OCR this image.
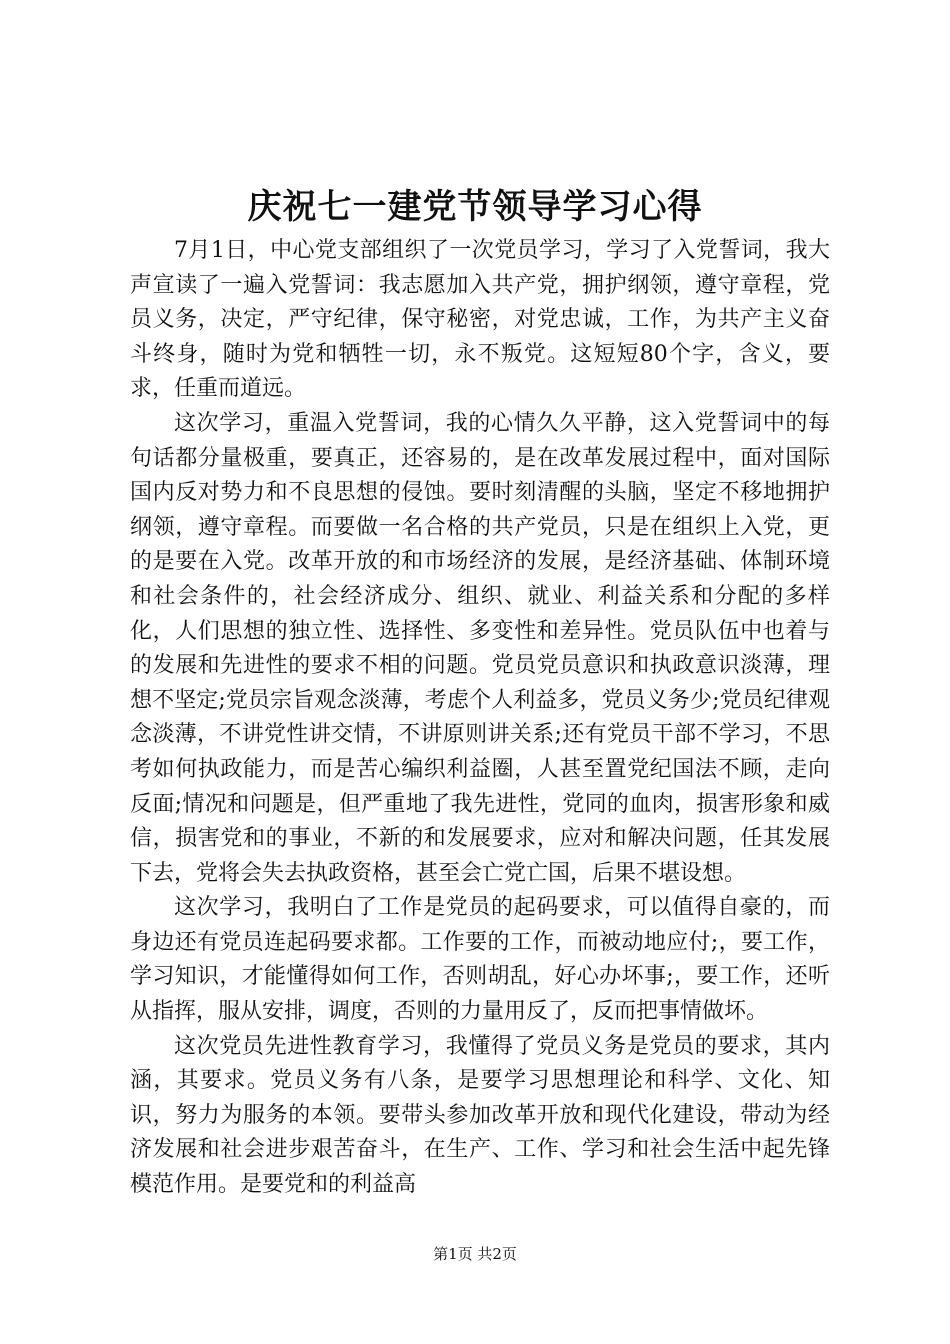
庆祝七一建党节领导学习心得

7月1日，中心党支部组织了一次党员学习，学习了入党誓词，我大声宣读了一遍入党誓词：我志愿加入共产党，拥护纲领，遵守章程，党员义务，决定，严守纪律，保守秘密，对党忠诚，工作，为共产主义奋斗终身，随时为党和牺牲一切，永不叛党。这短短80个字，含义，要求，任重而道远。

这次学习，重温入党誓词，我的心情久久平静，这入党誓词中的每句话都分量极重，要真正，还容易的，是在改革发展过程中，面对国际国内反对势力和不良思想的侵蚀。要时刻清醒的头脑，坚定不移地拥护纲领，遵守章程。而要做一名合格的共产党员，只是在组织上入党，更的是要在入党。改革开放的和市场经济的发展，是经济基础、体制环境和社会条件的，社会经济成分、组织、就业、利益关系和分配的多样化，人们思想的独立性、选择性、多变性和差异性。党员队伍中也着与的发展和先进性的要求不相的问题。党员党员意识和执政意识淡薄，理想不坚定;党员宗旨观念淡薄，考虑个人利益多，党员义务少;党员纪律观念淡薄，不讲党性讲交情，不讲原则讲关系;还有党员干部不学习，不思考如何执政能力，而是苦心编织利益圈，人甚至置党纪国法不顾，走向反面;情况和问题是，但严重地了我先进性，党同的血肉，损害形象和威信，损害党和的事业，不新的和发展要求，应对和解决问题，任其发展下去，党将会失去执政资格，甚至会亡党亡国，后果不堪设想。

这次学习，我明白了工作是党员的起码要求，可以值得自豪的，而身边还有党员连起码要求都。工作要的工作，而被动地应付;，要工作，学习知识，才能懂得如何工作，否则胡乱，好心办坏事;，要工作，还听从指挥，服从安排，调度，否则的力量用反了，反而把事情做坏。

这次党员先进性教育学习，我懂得了党员义务是党员的要求，其内涵，其要求。党员义务有八条，是要学习思想理论和科学、文化、知识，努力为服务的本领。要带头参加改革开放和现代化建设，带动为经济发展和社会进步艰苦奋斗，在生产、工作、学习和社会生活中起先锋模范作用。是要党和的利益高

第1页 共2页
